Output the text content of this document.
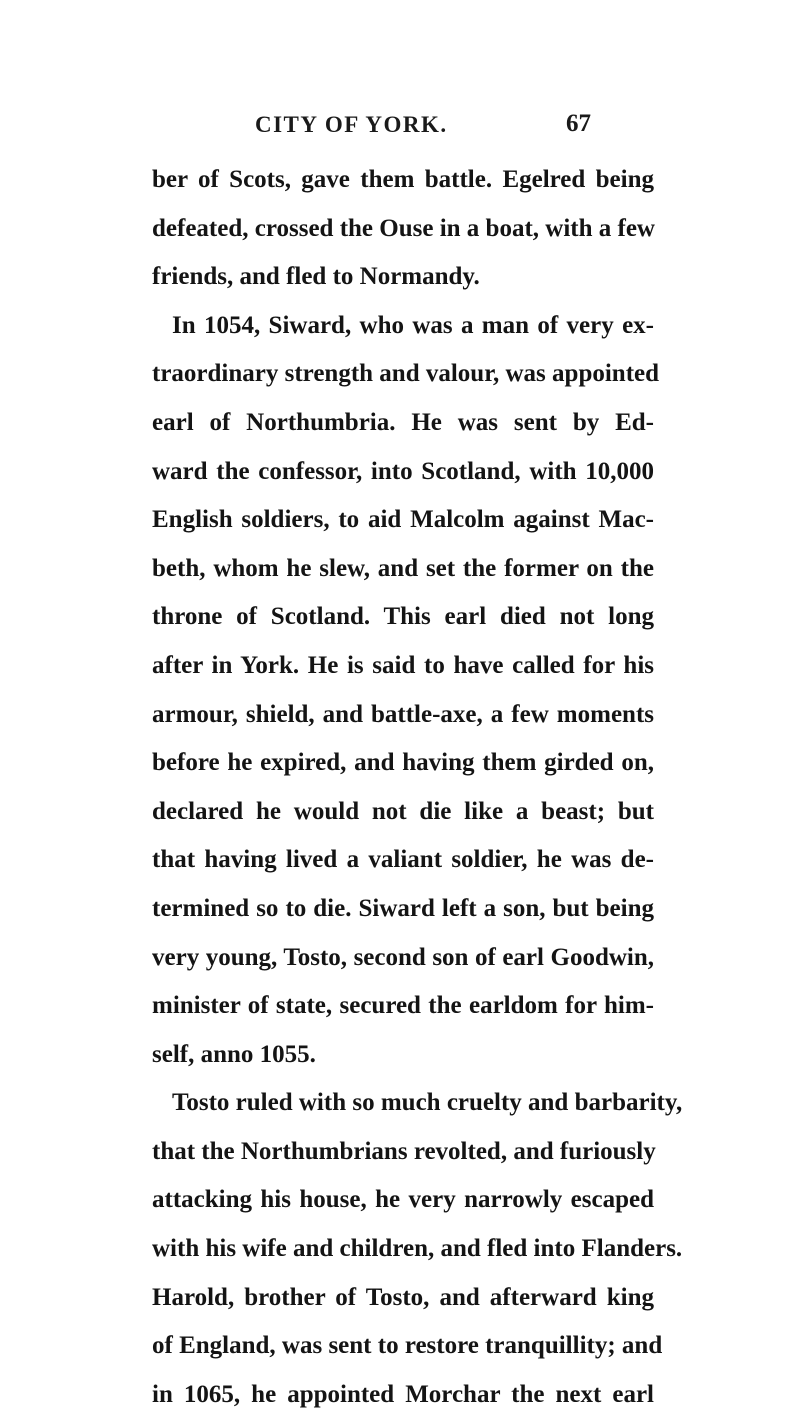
CITY OF YORK.	67
ber of Scots, gave them battle. Egelred being
defeated, crossed the Ouse in a boat, with a few
friends, and fled to Normandy.
In 1054, Siward, who was a man of very ex-
traordinary strength and valour, was appointed
earl of Northumbria. He was sent by Ed-
ward the confessor, into Scotland, with 10,000
English soldiers, to aid Malcolm against Mac-
beth, whom he slew, and set the former on the
throne of Scotland. This earl died not long
after in York. He is said to have called for his
armour, shield, and battle-axe, a few moments
before he expired, and having them girded on,
declared he would not die like a beast; but
that having lived a valiant soldier, he was de-
termined so to die. Siward left a son, but being
very young, Tosto, second son of earl Goodwin,
minister of state, secured the earldom for him-
self, anno 1055.
Tosto ruled with so much cruelty and barbarity,
that the Northumbrians revolted, and furiously
attacking his house, he very narrowly escaped
with his wife and children, and fled into Flanders.
Harold, brother of Tosto, and afterward king
of England, was sent to restore tranquillity; and
in 1065, he appointed Morchar the next earl
